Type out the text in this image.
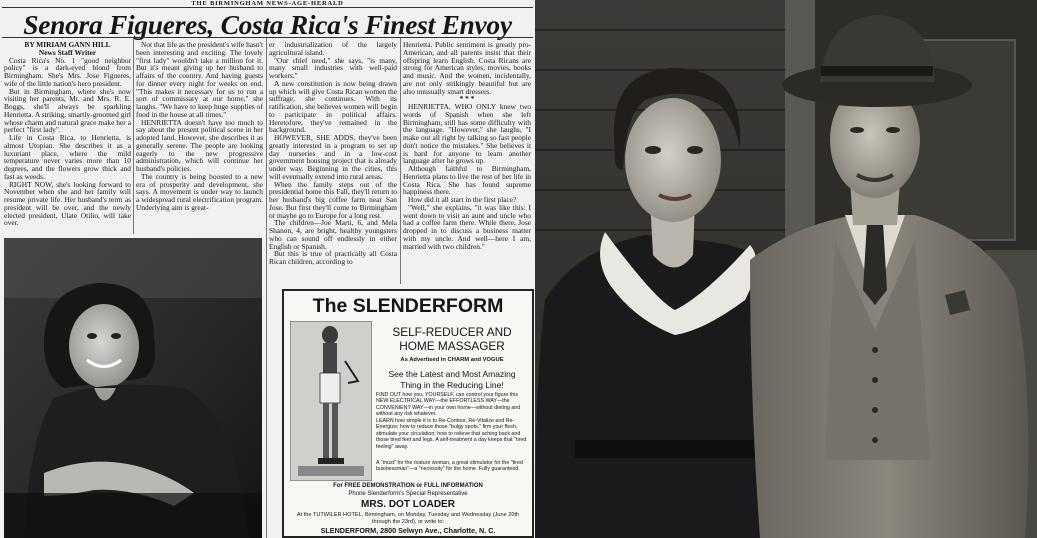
THE BIRMINGHAM NEWS-AGE-HERALD
Senora Figueres, Costa Rica's Finest Envoy

BY MIRIAM GANN HILL

News Staff Writer

Costa Rica's No. 1 "good neighbor policy" is a dark-eyed blond from Birmingham. She's Mrs. Jose Figueres, wife of the little nation's hero president.

But in Birmingham, where she's now visiting her parents, Mr. and Mrs. R. E. Boggs, she'll always be sparkling Henrietta. A striking, smartly-groomed girl whose charm and natural grace make her a perfect "first lady".

Life in Costa Rica, to Henrietta, is almost Utopian. She describes it as a luxuriant place, where the mild temperature never varies more than 10 degrees, and the flowers grow thick and fast as weeds.

RIGHT NOW, she's looking forward to November when she and her family will resume private life. Her husband's term as president will be over, and the newly elected president, Ulate Otilio, will take over.

Not that life as the president's wife hasn't been interesting and exciting. The lovely "first lady" wouldn't take a million for it. But it's meant giving up her husband to affairs of the country. And having guests for dinner every night for weeks on end. "This makes it necessary for us to run a sort of commissary at our home," she laughs. "We have to keep huge supplies of food in the house at all times."

HENRIETTA doesn't have too much to say about the present political scene in her adopted land. However, she describes it as generally serene. The people are looking eagerly to the new progressive administration, which will continue her husband's policies.

The country is being boosted to a new era of prosperity and development, she says. A movement is under way to launch a widespread rural electrification program. Underlying aim is great-

er industrialization of the largely agricultural island.

"Our chief need," she says, "is many, many small industries with well-paid workers."

A new constitution is now being drawn up which will give Costa Rican women the suffrage, she continues. With its ratification, she believes women will begin to participate in political affairs. Heretofore, they've remained in the background.

HOWEVER, SHE ADDS, they've been greatly interested in a program to set up day nurseries and in a low-cost government housing project that is already under way. Beginning in the cities, this will eventually extend into rural areas.

When the family steps out of the presidential home this Fall, they'll return to her husband's big coffee farm near San Jose. But first they'll come to Birmingham or maybe go to Europe for a long rest.

The children—Joe Marti, 6, and Mela Shanon, 4, are bright, healthy youngsters who can sound off endlessly in either English or Spanish.

But this is true of practically all Costa Rican children, according to

Henrietta. Public sentiment is greatly pro-American, and all parents insist that their offspring learn English. Costa Ricans are strong for American styles, movies, books and music. And the women, incidentally, are not only strikingly beautiful but are also unusually smart dressers.

* * *

HENRIETTA, WHO ONLY knew two words of Spanish when she left Birmingham, still has some difficulty with the language. "However," she laughs, "I make out all right by talking so fast people don't notice the mistakes." She believes it is hard for anyone to learn another language after he grows up.

Although faithful to Birmingham, Henrietta plans to live the rest of her life in Costa Rica. She has found supreme happiness there.

How did it all start in the first place?

"Well," she explains, "it was like this: I went down to visit an aunt and uncle who had a coffee farm there. While there, Jose dropped in to discuss a business matter with my uncle. And well—here I am, married with two children."

The SLENDERFORM
SELF-REDUCER AND
HOME MASSAGER
As Advertised in CHARM and VOGUE
See the Latest and Most Amazing
Thing in the Reducing Line!
FIND OUT how you, YOURSELF, can control your figure this NEW ELECTRICAL WAY—the EFFORTLESS WAY—the CONVENIENT WAY—in your own home—without dieting and without any risk whatever.
LEARN how simple it is to Re-Contour, Re-Vitalize and Re-Energize; how to reduce those "bulgy spots," firm your flesh, stimulate your circulation; how to relieve that aching back and those tired feet and legs. A self-treatment a day keeps that "tired feeling" away.
A "must" for the mature woman, a great stimulator for the "tired businessman"—a "necessity" for the home. Fully guaranteed.
For FREE DEMONSTRATION or FULL INFORMATION
Phone Slenderform's Special Representative
MRS. DOT LOADER
At the TUTWILER HOTEL, Birmingham, on Monday, Tuesday and Wednesday (June 20th through the 23rd), or write to:
SLENDERFORM, 2800 Selwyn Ave., Charlotte, N. C.
